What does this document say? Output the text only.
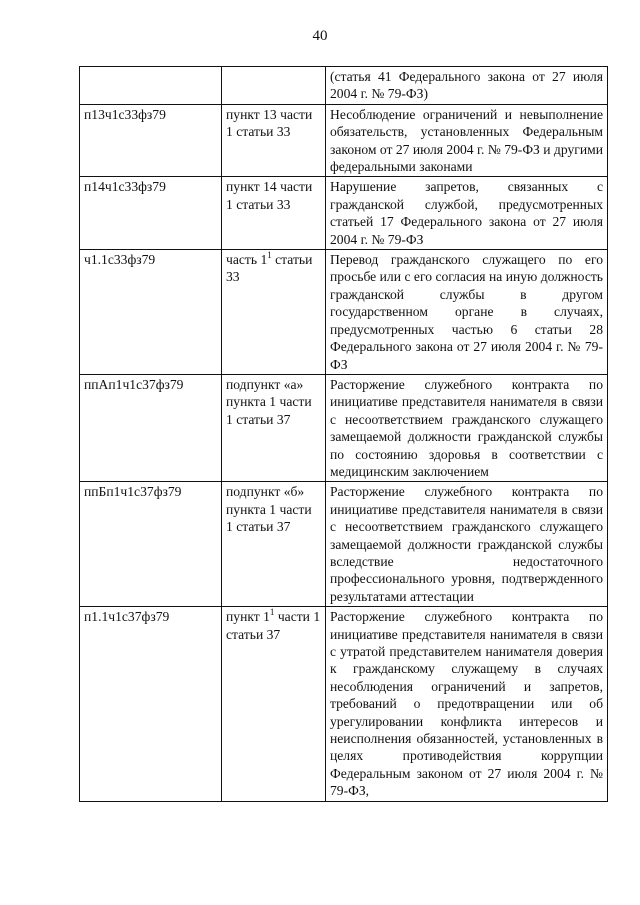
40
		(статья 41 Федерального закона от 27 июля 2004 г. № 79-ФЗ)
п13ч1с33фз79	пункт 13 части 1 статьи 33	Несоблюдение ограничений и невыполнение обязательств, установленных Федеральным законом от 27 июля 2004 г. № 79-ФЗ и другими федеральными законами
п14ч1с33фз79	пункт 14 части 1 статьи 33	Нарушение запретов, связанных с гражданской службой, предусмотренных статьей 17 Федерального закона от 27 июля 2004 г. № 79-ФЗ
ч1.1с33фз79	часть $1^1$ статьи 33	Перевод гражданского служащего по его просьбе или с его согласия на иную должность гражданской службы в другом государственном органе в случаях, предусмотренных частью 6 статьи 28 Федерального закона от 27 июля 2004 г. № 79-ФЗ
ппАп1ч1с37фз79	подпункт «а» пункта 1 части 1 статьи 37	Расторжение служебного контракта по инициативе представителя нанимателя в связи с несоответствием гражданского служащего замещаемой должности гражданской службы по состоянию здоровья в соответствии с медицинским заключением
ппБп1ч1с37фз79	подпункт «б» пункта 1 части 1 статьи 37	Расторжение служебного контракта по инициативе представителя нанимателя в связи с несоответствием гражданского служащего замещаемой должности гражданской службы вследствие недостаточного профессионального уровня, подтвержденного результатами аттестации
п1.1ч1с37фз79	пункт $1^1$ части 1 статьи 37	Расторжение служебного контракта по инициативе представителя нанимателя в связи с утратой представителем нанимателя доверия к гражданскому служащему в случаях несоблюдения ограничений и запретов, требований о предотвращении или об урегулировании конфликта интересов и неисполнения обязанностей, установленных в целях противодействия коррупции Федеральным законом от 27 июля 2004 г. № 79-ФЗ,
